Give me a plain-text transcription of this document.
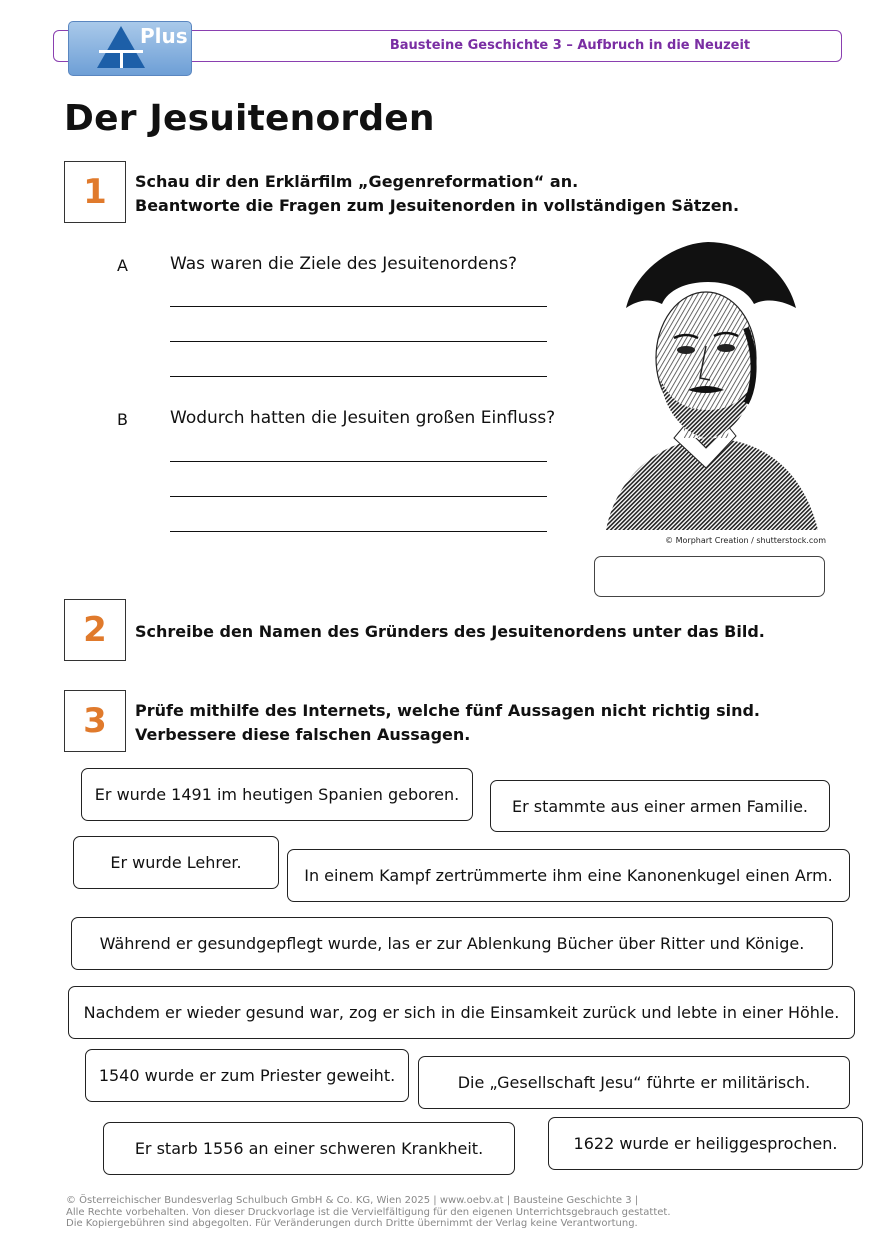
Bausteine Geschichte 3 – Aufbruch in die Neuzeit
Plus
Der Jesuitenorden
1	Schau dir den Erklärfilm „Gegenreformation“ an.
Beantworte die Fragen zum Jesuitenorden in vollständigen Sätzen.
A Was waren die Ziele des Jesuitenordens?
B Wodurch hatten die Jesuiten großen Einfluss?
© Morphart Creation / shutterstock.com
2	Schreibe den Namen des Gründers des Jesuitenordens unter das Bild.
3	Prüfe mithilfe des Internets, welche fünf Aussagen nicht richtig sind.
Verbessere diese falschen Aussagen.
Er wurde 1491 im heutigen Spanien geboren.
Er stammte aus einer armen Familie.
Er wurde Lehrer.
In einem Kampf zertrümmerte ihm eine Kanonenkugel einen Arm.
Während er gesundgepflegt wurde, las er zur Ablenkung Bücher über Ritter und Könige.
Nachdem er wieder gesund war, zog er sich in die Einsamkeit zurück und lebte in einer Höhle.
1540 wurde er zum Priester geweiht.	Die „Gesellschaft Jesu“ führte er militärisch.
Er starb 1556 an einer schweren Krankheit.	1622 wurde er heiliggesprochen.
© Österreichischer Bundesverlag Schulbuch GmbH & Co. KG, Wien 2025 | www.oebv.at | Bausteine Geschichte 3 |
Alle Rechte vorbehalten. Von dieser Druckvorlage ist die Vervielfältigung für den eigenen Unterrichtsgebrauch gestattet.
Die Kopiergebühren sind abgegolten. Für Veränderungen durch Dritte übernimmt der Verlag keine Verantwortung.
